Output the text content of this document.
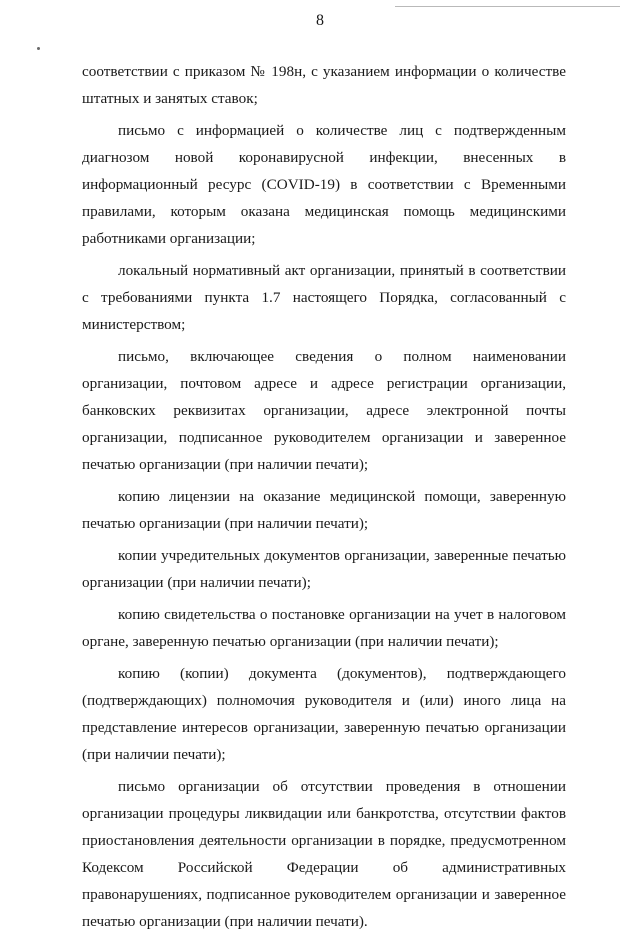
8

соответствии с приказом № 198н, с указанием информации о количестве штатных и занятых ставок;

письмо с информацией о количестве лиц с подтвержденным диагнозом новой коронавирусной инфекции, внесенных в информационный ресурс (COVID-19) в соответствии с Временными правилами, которым оказана медицинская помощь медицинскими работниками организации;

локальный нормативный акт организации, принятый в соответствии с требованиями пункта 1.7 настоящего Порядка, согласованный с министерством;

письмо, включающее сведения о полном наименовании организации, почтовом адресе и адресе регистрации организации, банковских реквизитах организации, адресе электронной почты организации, подписанное руководителем организации и заверенное печатью организации (при наличии печати);

копию лицензии на оказание медицинской помощи, заверенную печатью организации (при наличии печати);

копии учредительных документов организации, заверенные печатью организации (при наличии печати);

копию свидетельства о постановке организации на учет в налоговом органе, заверенную печатью организации (при наличии печати);

копию (копии) документа (документов), подтверждающего (подтверждающих) полномочия руководителя и (или) иного лица на представление интересов организации, заверенную печатью организации (при наличии печати);

письмо организации об отсутствии проведения в отношении организации процедуры ликвидации или банкротства, отсутствии фактов приостановления деятельности организации в порядке, предусмотренном Кодексом Российской Федерации об административных правонарушениях, подписанное руководителем организации и заверенное печатью организации (при наличии печати).
